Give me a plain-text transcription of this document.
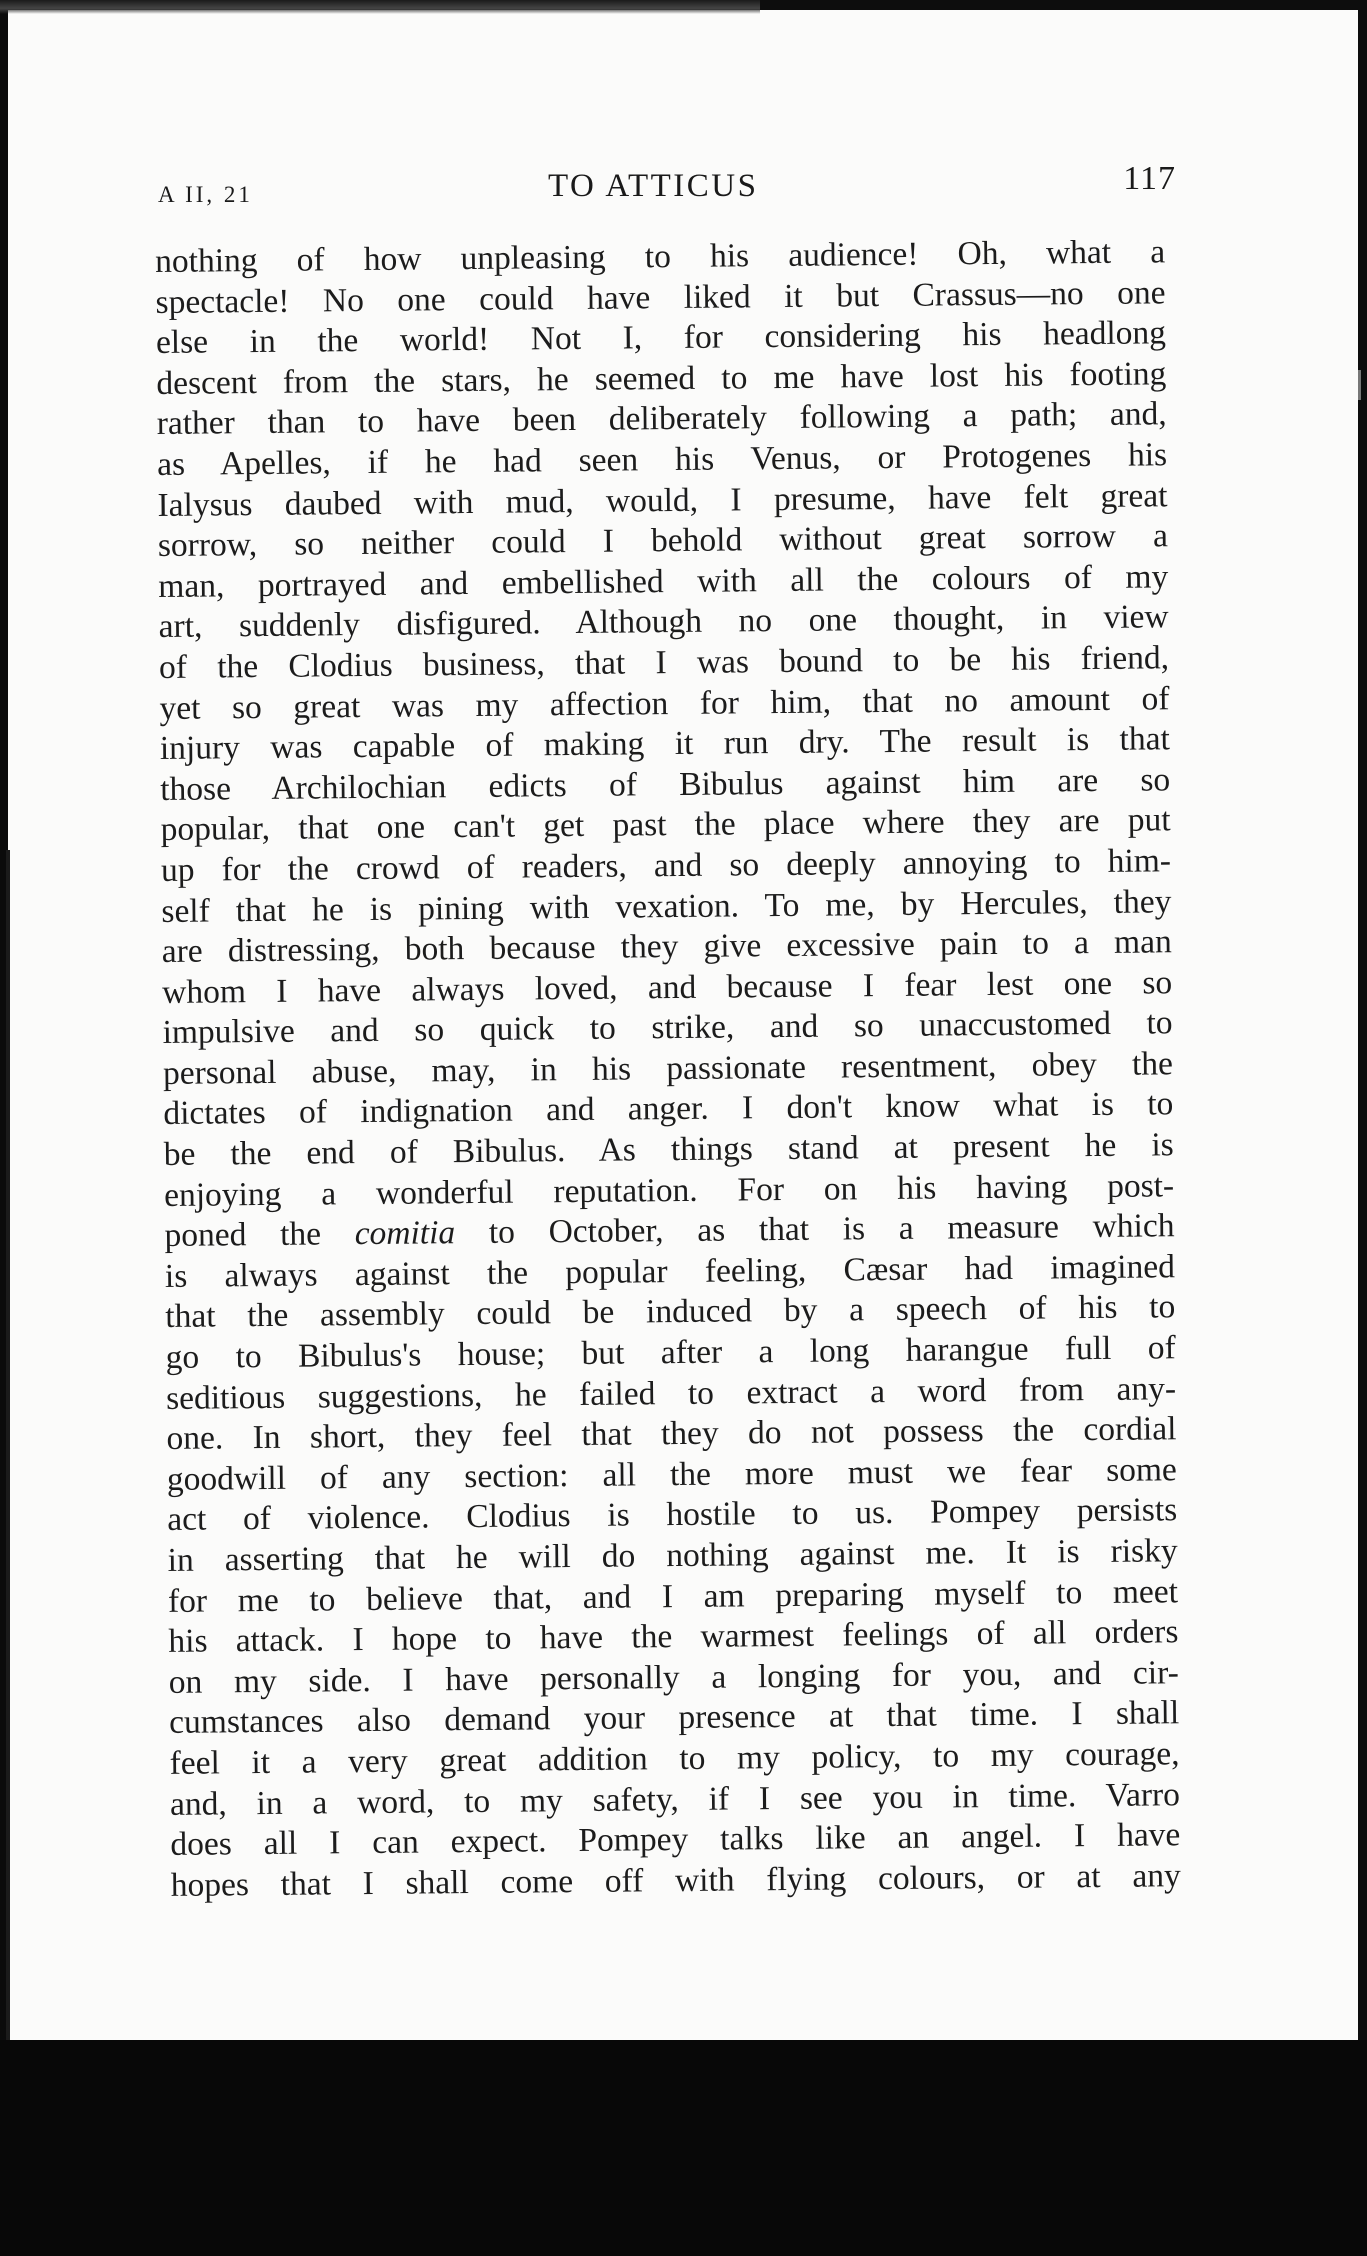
A II, 21	TO ATTICUS	117
nothing of how unpleasing to his audience! Oh, what a
spectacle! No one could have liked it but Crassus—no one
else in the world! Not I, for considering his headlong
descent from the stars, he seemed to me have lost his footing
rather than to have been deliberately following a path; and,
as Apelles, if he had seen his Venus, or Protogenes his
Ialysus daubed with mud, would, I presume, have felt great
sorrow, so neither could I behold without great sorrow a
man, portrayed and embellished with all the colours of my
art, suddenly disfigured. Although no one thought, in view
of the Clodius business, that I was bound to be his friend,
yet so great was my affection for him, that no amount of
injury was capable of making it run dry. The result is that
those Archilochian edicts of Bibulus against him are so
popular, that one can't get past the place where they are put
up for the crowd of readers, and so deeply annoying to him-
self that he is pining with vexation. To me, by Hercules, they
are distressing, both because they give excessive pain to a man
whom I have always loved, and because I fear lest one so
impulsive and so quick to strike, and so unaccustomed to
personal abuse, may, in his passionate resentment, obey the
dictates of indignation and anger. I don't know what is to
be the end of Bibulus. As things stand at present he is
enjoying a wonderful reputation. For on his having post-
poned the comitia to October, as that is a measure which
is always against the popular feeling, Cæsar had imagined
that the assembly could be induced by a speech of his to
go to Bibulus's house; but after a long harangue full of
seditious suggestions, he failed to extract a word from any-
one. In short, they feel that they do not possess the cordial
goodwill of any section: all the more must we fear some
act of violence. Clodius is hostile to us. Pompey persists
in asserting that he will do nothing against me. It is risky
for me to believe that, and I am preparing myself to meet
his attack. I hope to have the warmest feelings of all orders
on my side. I have personally a longing for you, and cir-
cumstances also demand your presence at that time. I shall
feel it a very great addition to my policy, to my courage,
and, in a word, to my safety, if I see you in time. Varro
does all I can expect. Pompey talks like an angel. I have
hopes that I shall come off with flying colours, or at any
